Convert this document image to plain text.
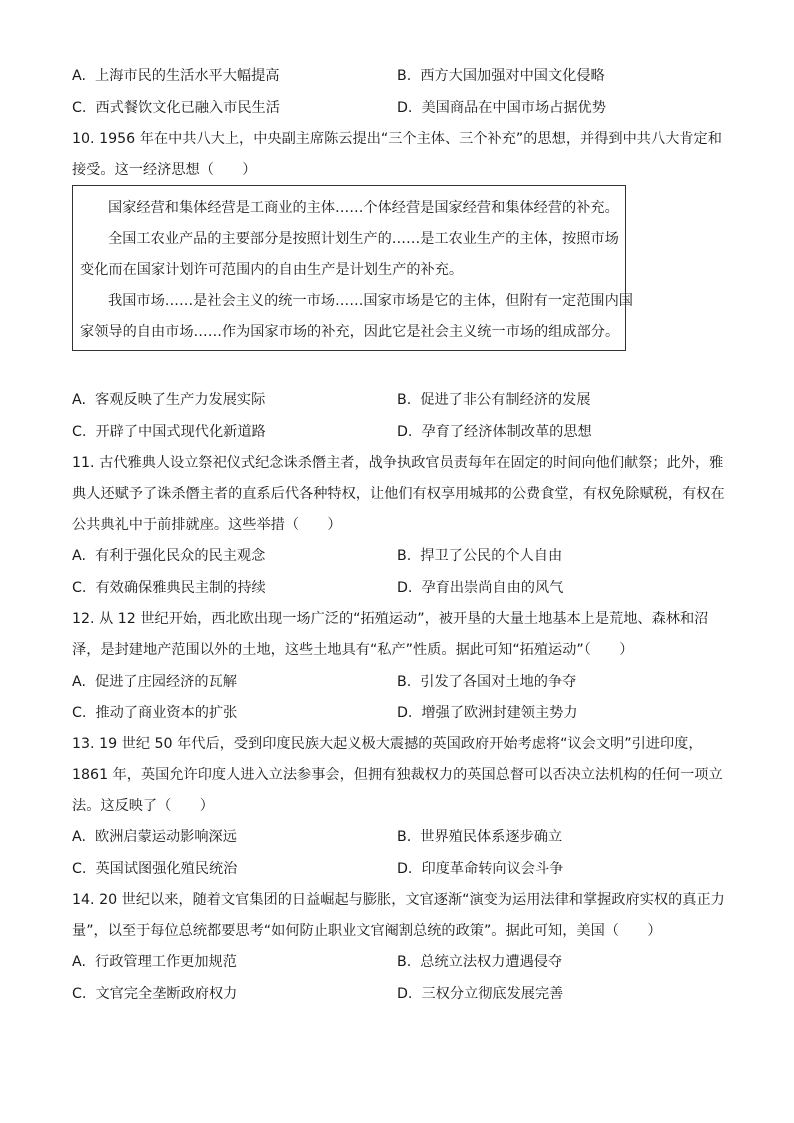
A. 上海市民的生活水平大幅提高	B. 西方大国加强对中国文化侵略
C. 西式餐饮文化已融入市民生活	D. 美国商品在中国市场占据优势
10. 1956 年在中共八大上，中央副主席陈云提出“三个主体、三个补充”的思想，并得到中共八大肯定和
接受。这一经济思想（　　）
国家经营和集体经营是工商业的主体……个体经营是国家经营和集体经营的补充。
全国工农业产品的主要部分是按照计划生产的……是工农业生产的主体，按照市场
变化而在国家计划许可范围内的自由生产是计划生产的补充。
我国市场……是社会主义的统一市场……国家市场是它的主体，但附有一定范围内国
家领导的自由市场……作为国家市场的补充，因此它是社会主义统一市场的组成部分。
A. 客观反映了生产力发展实际	B. 促进了非公有制经济的发展
C. 开辟了中国式现代化新道路	D. 孕育了经济体制改革的思想
11. 古代雅典人设立祭祀仪式纪念诛杀僭主者，战争执政官员责每年在固定的时间向他们献祭；此外，雅
典人还赋予了诛杀僭主者的直系后代各种特权，让他们有权享用城邦的公费食堂，有权免除赋税，有权在
公共典礼中于前排就座。这些举措（　　）
A. 有利于强化民众的民主观念	B. 捍卫了公民的个人自由
C. 有效确保雅典民主制的持续	D. 孕育出崇尚自由的风气
12. 从 12 世纪开始，西北欧出现一场广泛的“拓殖运动”，被开垦的大量土地基本上是荒地、森林和沼
泽，是封建地产范围以外的土地，这些土地具有“私产”性质。据此可知“拓殖运动”（　　）
A. 促进了庄园经济的瓦解	B. 引发了各国对土地的争夺
C. 推动了商业资本的扩张	D. 增强了欧洲封建领主势力
13. 19 世纪 50 年代后，受到印度民族大起义极大震撼的英国政府开始考虑将“议会文明”引进印度，
1861 年，英国允许印度人进入立法参事会，但拥有独裁权力的英国总督可以否决立法机构的任何一项立
法。这反映了（　　）
A. 欧洲启蒙运动影响深远	B. 世界殖民体系逐步确立
C. 英国试图强化殖民统治	D. 印度革命转向议会斗争
14. 20 世纪以来，随着文官集团的日益崛起与膨胀，文官逐渐“演变为运用法律和掌握政府实权的真正力
量”，以至于每位总统都要思考“如何防止职业文官阉割总统的政策”。据此可知，美国（　　）
A. 行政管理工作更加规范	B. 总统立法权力遭遇侵夺
C. 文官完全垄断政府权力	D. 三权分立彻底发展完善
